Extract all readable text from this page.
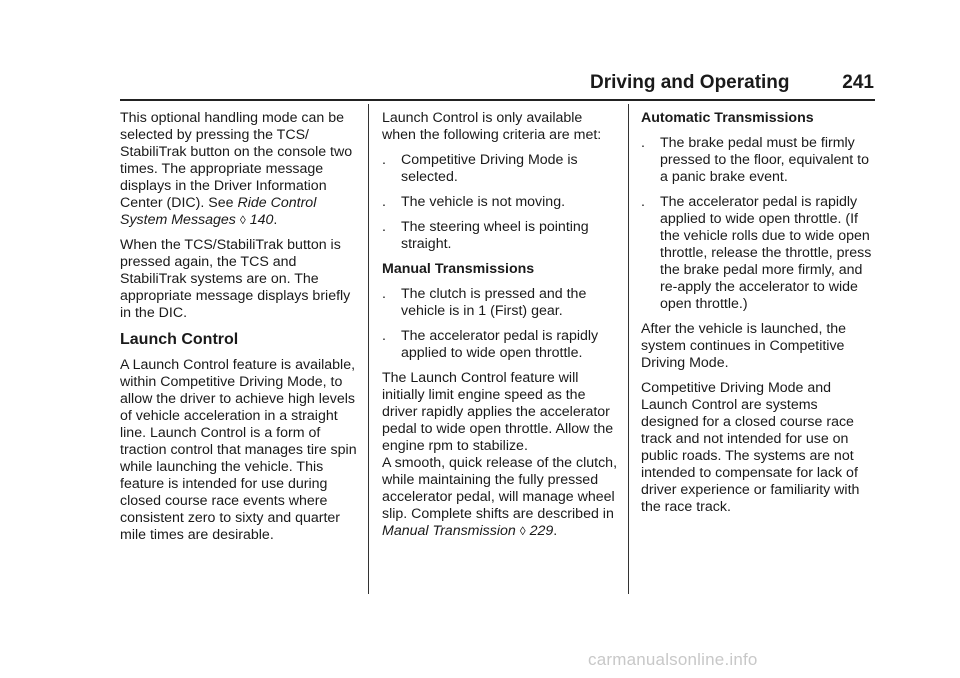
Driving and Operating	241

This optional handling mode can be selected by pressing the TCS/ StabiliTrak button on the console two times. The appropriate message displays in the Driver Information Center (DIC). See Ride Control System Messages ◊ 140.

When the TCS/StabiliTrak button is pressed again, the TCS and StabiliTrak systems are on. The appropriate message displays briefly in the DIC.

Launch Control

A Launch Control feature is available, within Competitive Driving Mode, to allow the driver to achieve high levels of vehicle acceleration in a straight line. Launch Control is a form of traction control that manages tire spin while launching the vehicle. This feature is intended for use during closed course race events where consistent zero to sixty and quarter mile times are desirable.

Launch Control is only available when the following criteria are met:

. Competitive Driving Mode is selected.
. The vehicle is not moving.
. The steering wheel is pointing straight.
Manual Transmissions
. The clutch is pressed and the vehicle is in 1 (First) gear.
. The accelerator pedal is rapidly applied to wide open throttle.

The Launch Control feature will initially limit engine speed as the driver rapidly applies the accelerator pedal to wide open throttle. Allow the engine rpm to stabilize.

A smooth, quick release of the clutch, while maintaining the fully pressed accelerator pedal, will manage wheel slip. Complete shifts are described in Manual Transmission ◊ 229.

Automatic Transmissions
. The brake pedal must be firmly pressed to the floor, equivalent to a panic brake event.
. The accelerator pedal is rapidly applied to wide open throttle. (If the vehicle rolls due to wide open throttle, release the throttle, press the brake pedal more firmly, and re-apply the accelerator to wide open throttle.)

After the vehicle is launched, the system continues in Competitive Driving Mode.

Competitive Driving Mode and Launch Control are systems designed for a closed course race track and not intended for use on public roads. The systems are not intended to compensate for lack of driver experience or familiarity with the race track.

carmanualsonline.info
